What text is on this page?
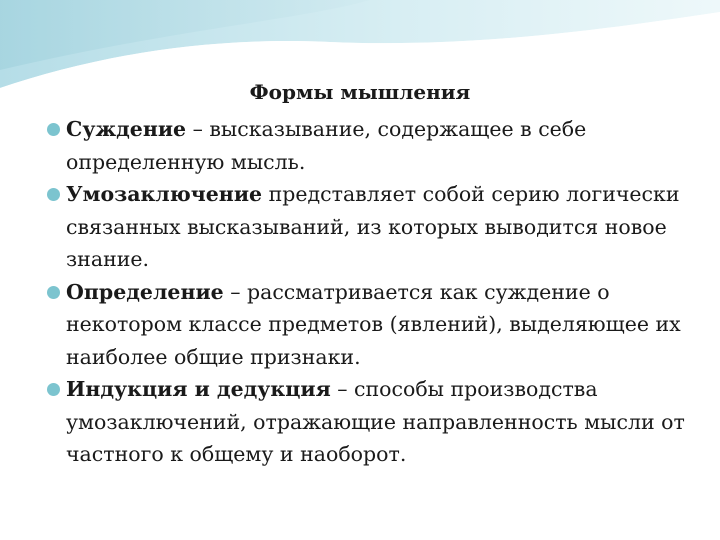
Формы мышления
Суждение – высказывание, содержащее в себе определенную мысль.
Умозаключение представляет собой серию логически связанных высказываний, из которых выводится новое знание.
Определение – рассматривается как суждение о некотором классе предметов (явлений), выделяющее их наиболее общие признаки.
Индукция и дедукция – способы производства умозаключений, отражающие направленность мысли от частного к общему и наоборот.
